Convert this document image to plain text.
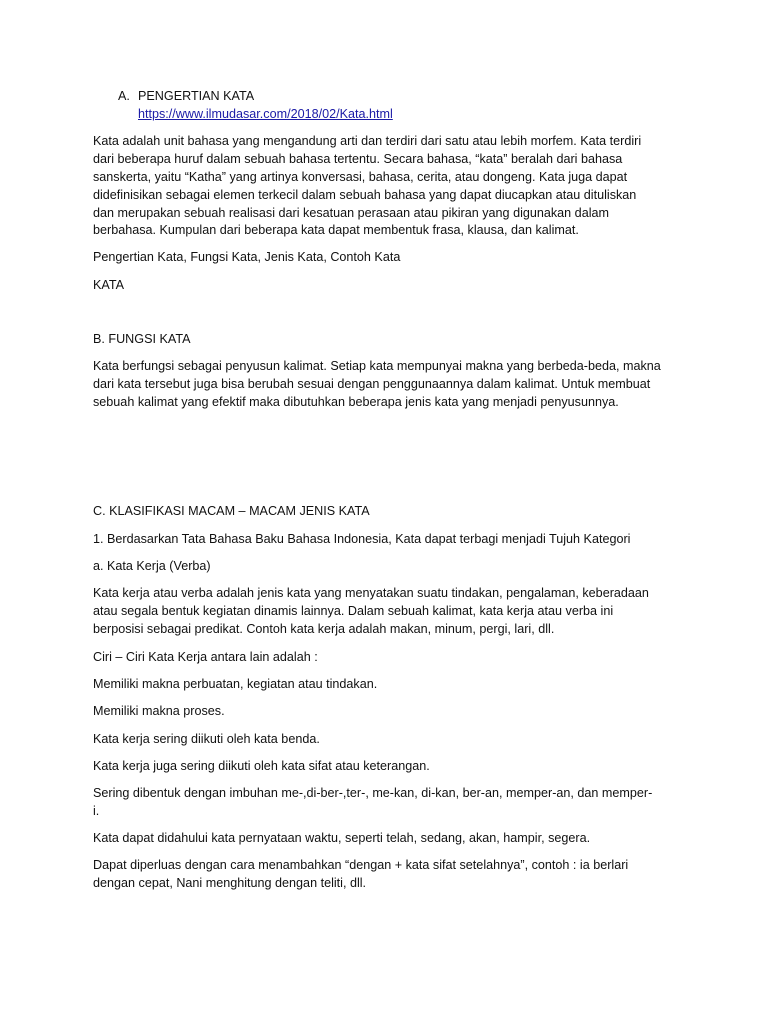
A. PENGERTIAN KATA
https://www.ilmudasar.com/2018/02/Kata.html
Kata adalah unit bahasa yang mengandung arti dan terdiri dari satu atau lebih morfem. Kata terdiri
dari beberapa huruf dalam sebuah bahasa tertentu. Secara bahasa, “kata” beralah dari bahasa
sanskerta, yaitu “Katha” yang artinya konversasi, bahasa, cerita, atau dongeng. Kata juga dapat
didefinisikan sebagai elemen terkecil dalam sebuah bahasa yang dapat diucapkan atau dituliskan
dan merupakan sebuah realisasi dari kesatuan perasaan atau pikiran yang digunakan dalam
berbahasa. Kumpulan dari beberapa kata dapat membentuk frasa, klausa, dan kalimat.
Pengertian Kata, Fungsi Kata, Jenis Kata, Contoh Kata
KATA
B. FUNGSI KATA
Kata berfungsi sebagai penyusun kalimat. Setiap kata mempunyai makna yang berbeda-beda, makna
dari kata tersebut juga bisa berubah sesuai dengan penggunaannya dalam kalimat. Untuk membuat
sebuah kalimat yang efektif maka dibutuhkan beberapa jenis kata yang menjadi penyusunnya.
C. KLASIFIKASI MACAM – MACAM JENIS KATA
1. Berdasarkan Tata Bahasa Baku Bahasa Indonesia, Kata dapat terbagi menjadi Tujuh Kategori
a. Kata Kerja (Verba)
Kata kerja atau verba adalah jenis kata yang menyatakan suatu tindakan, pengalaman, keberadaan
atau segala bentuk kegiatan dinamis lainnya. Dalam sebuah kalimat, kata kerja atau verba ini
berposisi sebagai predikat. Contoh kata kerja adalah makan, minum, pergi, lari, dll.
Ciri – Ciri Kata Kerja antara lain adalah :
Memiliki makna perbuatan, kegiatan atau tindakan.
Memiliki makna proses.
Kata kerja sering diikuti oleh kata benda.
Kata kerja juga sering diikuti oleh kata sifat atau keterangan.
Sering dibentuk dengan imbuhan me-,di-ber-,ter-, me-kan, di-kan, ber-an, memper-an, dan memper-
i.
Kata dapat didahului kata pernyataan waktu, seperti telah, sedang, akan, hampir, segera.
Dapat diperluas dengan cara menambahkan “dengan + kata sifat setelahnya”, contoh : ia berlari
dengan cepat, Nani menghitung dengan teliti, dll.
